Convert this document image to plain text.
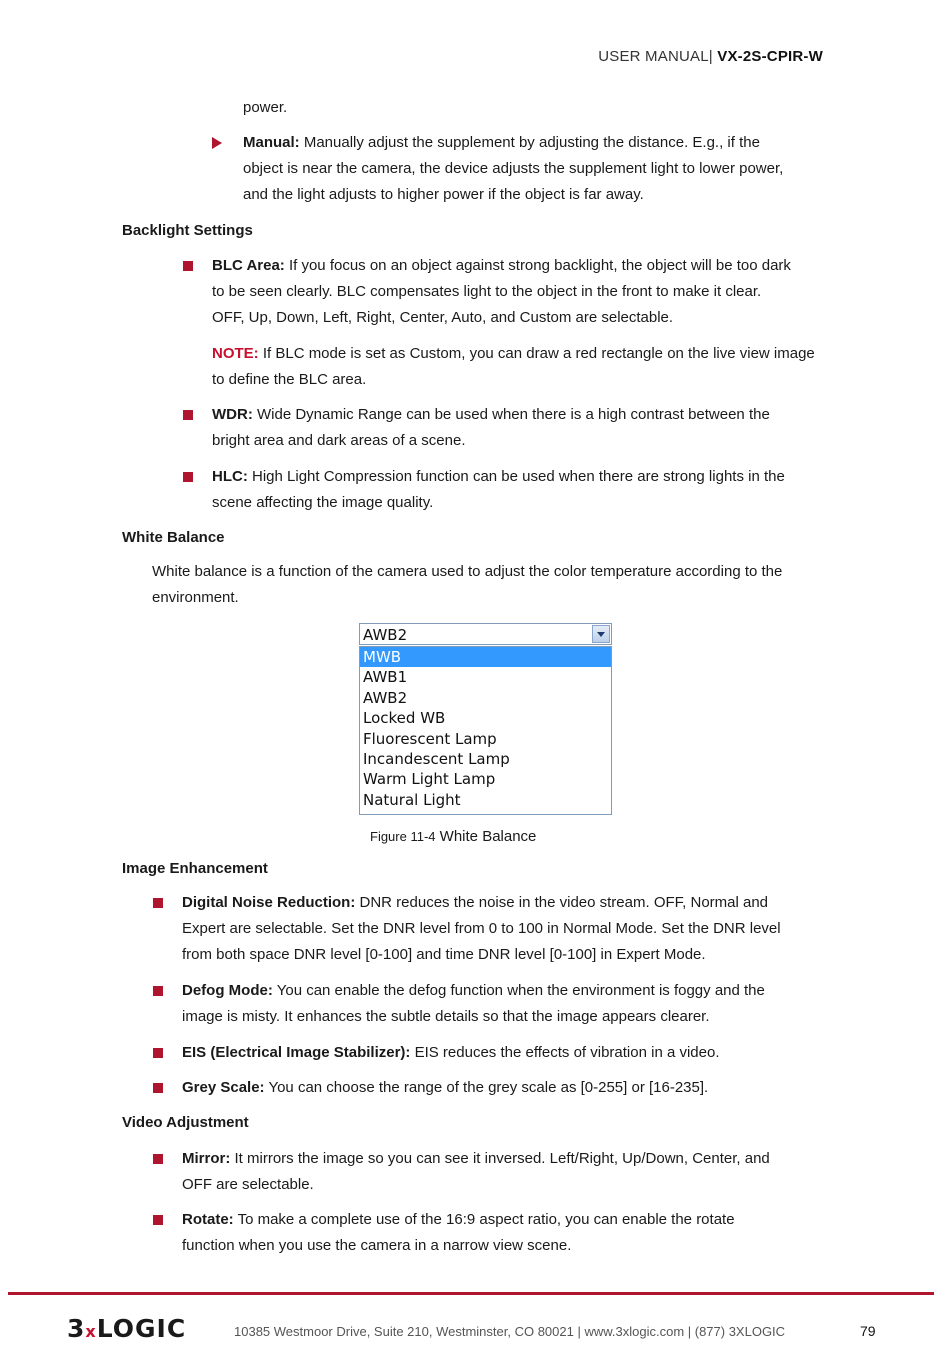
USER MANUAL| VX-2S-CPIR-W
power.
Manual: Manually adjust the supplement by adjusting the distance. E.g., if the
object is near the camera, the device adjusts the supplement light to lower power,
and the light adjusts to higher power if the object is far away.
Backlight Settings
BLC Area: If you focus on an object against strong backlight, the object will be too dark
to be seen clearly. BLC compensates light to the object in the front to make it clear.
OFF, Up, Down, Left, Right, Center, Auto, and Custom are selectable.
NOTE: If BLC mode is set as Custom, you can draw a red rectangle on the live view image
to define the BLC area.
WDR: Wide Dynamic Range can be used when there is a high contrast between the
bright area and dark areas of a scene.
HLC: High Light Compression function can be used when there are strong lights in the
scene affecting the image quality.
White Balance
White balance is a function of the camera used to adjust the color temperature according to the
environment.
AWB2
MWB
AWB1
AWB2
Locked WB
Fluorescent Lamp
Incandescent Lamp
Warm Light Lamp
Natural Light
Figure 11-4 White Balance
Image Enhancement
Digital Noise Reduction: DNR reduces the noise in the video stream. OFF, Normal and
Expert are selectable. Set the DNR level from 0 to 100 in Normal Mode. Set the DNR level
from both space DNR level [0-100] and time DNR level [0-100] in Expert Mode.
Defog Mode: You can enable the defog function when the environment is foggy and the
image is misty. It enhances the subtle details so that the image appears clearer.
EIS (Electrical Image Stabilizer): EIS reduces the effects of vibration in a video.
Grey Scale: You can choose the range of the grey scale as [0-255] or [16-235].
Video Adjustment
Mirror: It mirrors the image so you can see it inversed. Left/Right, Up/Down, Center, and
OFF are selectable.
Rotate: To make a complete use of the 16:9 aspect ratio, you can enable the rotate
function when you use the camera in a narrow view scene.
3xLOGIC	10385 Westmoor Drive, Suite 210, Westminster, CO 80021 | www.3xlogic.com | (877) 3XLOGIC	79
